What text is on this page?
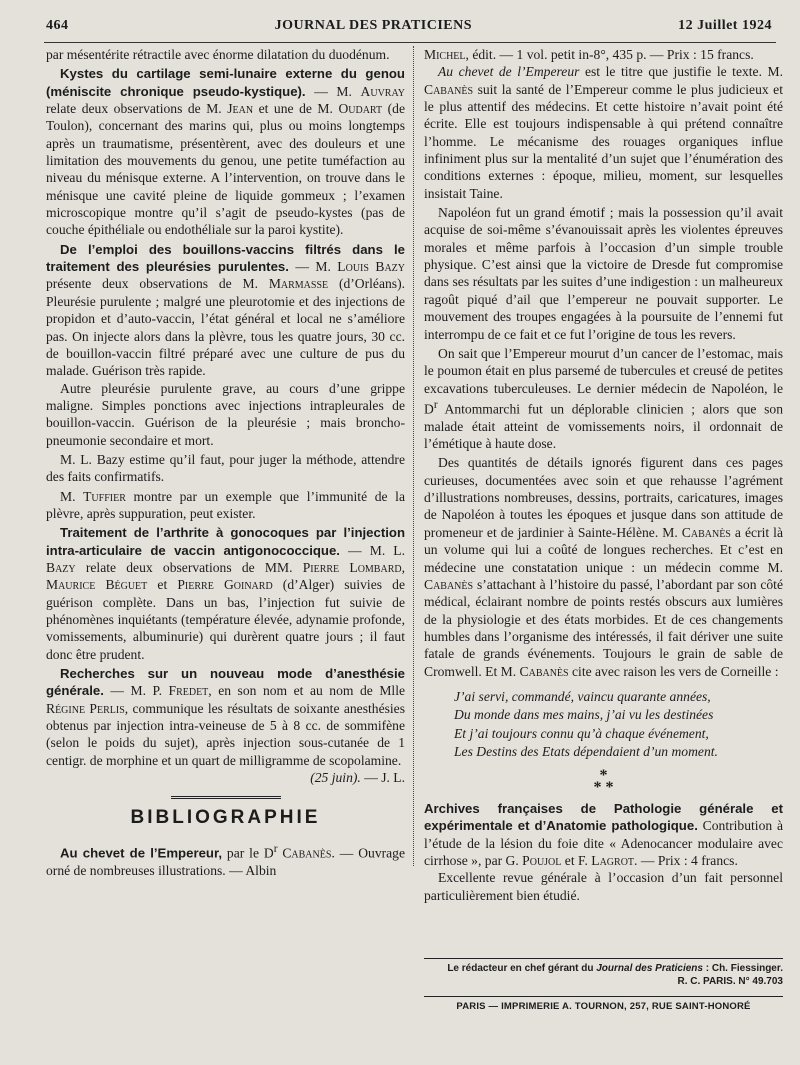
464	JOURNAL DES PRATICIENS	12 Juillet 1924

par mésentérite rétractile avec énorme dilatation du duodénum.

Kystes du cartilage semi-lunaire externe du genou (méniscite chronique pseudo-kystique). — M. Auvray relate deux observations de M. Jean et une de M. Oudart (de Toulon), concernant des marins qui, plus ou moins longtemps après un traumatisme, présentèrent, avec des douleurs et une limitation des mouvements du genou, une petite tuméfaction au niveau du ménisque externe. A l’intervention, on trouve dans le ménisque une cavité pleine de liquide gommeux ; l’examen microscopique montre qu’il s’agit de pseudo-kystes (pas de couche épithéliale ou endothéliale sur la paroi kystite).

De l’emploi des bouillons-vaccins filtrés dans le traitement des pleurésies purulentes. — M. Louis Bazy présente deux observations de M. Marmasse (d’Orléans). Pleurésie purulente ; malgré une pleurotomie et des injections de propidon et d’auto-vaccin, l’état général et local ne s’améliore pas. On injecte alors dans la plèvre, tous les quatre jours, 30 cc. de bouillon-vaccin filtré préparé avec une culture de pus du malade. Guérison très rapide.

Autre pleurésie purulente grave, au cours d’une grippe maligne. Simples ponctions avec injections intrapleurales de bouillon-vaccin. Guérison de la pleurésie ; mais broncho-pneumonie secondaire et mort.

M. L. Bazy estime qu’il faut, pour juger la méthode, attendre des faits confirmatifs.

M. Tuffier montre par un exemple que l’immunité de la plèvre, après suppuration, peut exister.

Traitement de l’arthrite à gonocoques par l’injection intra-articulaire de vaccin antigonococcique. — M. L. Bazy relate deux observations de MM. Pierre Lombard, Maurice Béguet et Pierre Goinard (d’Alger) suivies de guérison complète. Dans un bas, l’injection fut suivie de phénomènes inquiétants (température élevée, adynamie profonde, vomissements, albuminurie) qui durèrent quatre jours ; il faut donc être prudent.

Recherches sur un nouveau mode d’anesthésie générale. — M. P. Fredet, en son nom et au nom de Mlle Régine Perlis, communique les résultats de soixante anesthésies obtenus par injection intra-veineuse de 5 à 8 cc. de sommifène (selon le poids du sujet), après injection sous-cutanée de 1 centigr. de morphine et un quart de milligramme de scopolamine.
(25 juin). — J. L.

BIBLIOGRAPHIE

Au chevet de l’Empereur, par le $D^r$ Cabanès. — Ouvrage orné de nombreuses illustrations. — Albin

Michel, édit. — 1 vol. petit in-8°, 435 p. — Prix : 15 francs.

Au chevet de l’Empereur est le titre que justifie le texte. M. Cabanès suit la santé de l’Empereur comme le plus judicieux et le plus attentif des médecins. Et cette histoire n’avait point été écrite. Elle est toujours indispensable à qui prétend connaître l’homme. Le mécanisme des rouages organiques influe infiniment plus sur la mentalité d’un sujet que l’énumération des conditions externes : époque, milieu, moment, sur lesquelles insistait Taine.

Napoléon fut un grand émotif ; mais la possession qu’il avait acquise de soi-même s’évanouissait après les violentes épreuves morales et même parfois à l’occasion d’un simple trouble physique. C’est ainsi que la victoire de Dresde fut compromise dans ses résultats par les suites d’une indigestion : un malheureux ragoût piqué d’ail que l’empereur ne pouvait supporter. Le mouvement des troupes engagées à la poursuite de l’ennemi fut interrompu de ce fait et ce fut l’origine de tous les revers.

On sait que l’Empereur mourut d’un cancer de l’estomac, mais le poumon était en plus parsemé de tubercules et creusé de petites excavations tuberculeuses. Le dernier médecin de Napoléon, le $D^r$ Antommarchi fut un déplorable clinicien ; alors que son malade était atteint de vomissements noirs, il ordonnait de l’émétique à haute dose.

Des quantités de détails ignorés figurent dans ces pages curieuses, documentées avec soin et que rehausse l’agrément d’illustrations nombreuses, dessins, portraits, caricatures, images de Napoléon à toutes les époques et jusque dans son attitude de promeneur et de jardinier à Sainte-Hélène. M. Cabanès a écrit là un volume qui lui a coûté de longues recherches. Et c’est en médecine une constatation unique : un médecin comme M. Cabanès s’attachant à l’histoire du passé, l’abordant par son côté médical, éclairant nombre de points restés obscurs aux lumières de la physiologie et des états morbides. Et de ces changements humbles dans l’organisme des intéressés, il fait dériver une suite fatale de grands événements. Toujours le grain de sable de Cromwell. Et M. Cabanès cite avec raison les vers de Corneille :

J’ai servi, commandé, vaincu quarante années,
Du monde dans mes mains, j’ai vu les destinées
Et j’ai toujours connu qu’à chaque événement,
Les Destins des Etats dépendaient d’un moment.
*
* *

Archives françaises de Pathologie générale et expérimentale et d’Anatomie pathologique. Contribution à l’étude de la lésion du foie dite « Adenocancer modulaire avec cirrhose », par G. Poujol et F. Lagrot. — Prix : 4 francs.

Excellente revue générale à l’occasion d’un fait personnel particulièrement bien étudié.

Le rédacteur en chef gérant du Journal des Praticiens : Ch. Fiessinger.
R. C. PARIS. N° 49.703
PARIS — IMPRIMERIE A. TOURNON, 257, RUE SAINT-HONORÉ
